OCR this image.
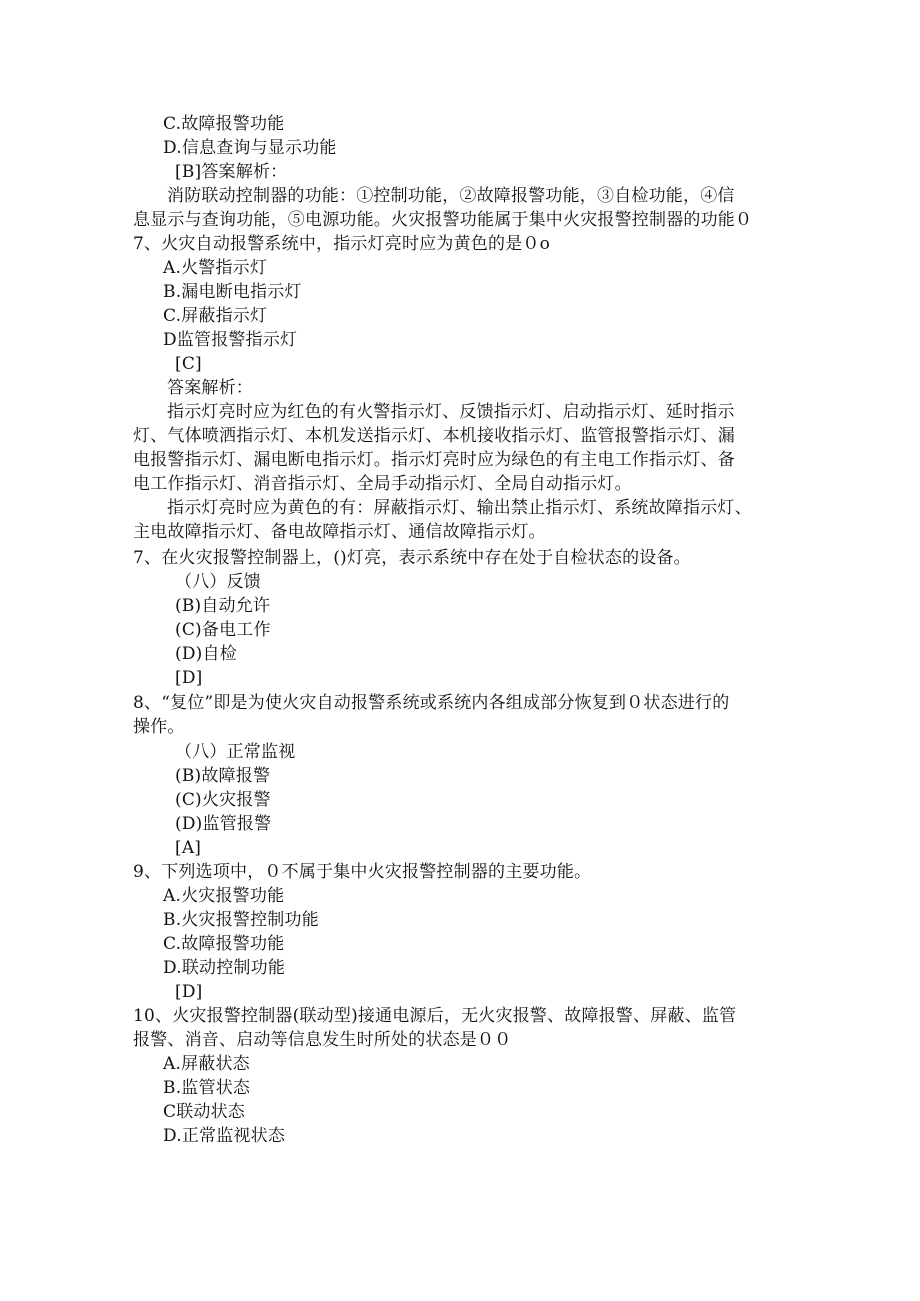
C.故障报警功能
D.信息查询与显示功能
[B]答案解析：
消防联动控制器的功能：①控制功能，②故障报警功能，③自检功能，④信
息显示与查询功能，⑤电源功能。火灾报警功能属于集中火灾报警控制器的功能０
7、火灾自动报警系统中，指示灯亮时应为黄色的是０o
A.火警指示灯
B.漏电断电指示灯
C.屏蔽指示灯
D监管报警指示灯
[C]
答案解析：
指示灯亮时应为红色的有火警指示灯、反馈指示灯、启动指示灯、延时指示
灯、气体喷洒指示灯、本机发送指示灯、本机接收指示灯、监管报警指示灯、漏
电报警指示灯、漏电断电指示灯。指示灯亮时应为绿色的有主电工作指示灯、备
电工作指示灯、消音指示灯、全局手动指示灯、全局自动指示灯。
指示灯亮时应为黄色的有：屏蔽指示灯、输出禁止指示灯、系统故障指示灯、
主电故障指示灯、备电故障指示灯、通信故障指示灯。
7、在火灾报警控制器上，()灯亮，表示系统中存在处于自检状态的设备。
（八）反馈
(B)自动允许
(C)备电工作
(D)自检
[D]
8、“复位”即是为使火灾自动报警系统或系统内各组成部分恢复到０状态进行的
操作。
（八）正常监视
(B)故障报警
(C)火灾报警
(D)监管报警
[A]
9、下列选项中，０不属于集中火灾报警控制器的主要功能。
A.火灾报警功能
B.火灾报警控制功能
C.故障报警功能
D.联动控制功能
[D]
10、火灾报警控制器(联动型)接通电源后，无火灾报警、故障报警、屏蔽、监管
报警、消音、启动等信息发生时所处的状态是００
A.屏蔽状态
B.监管状态
C联动状态
D.正常监视状态
